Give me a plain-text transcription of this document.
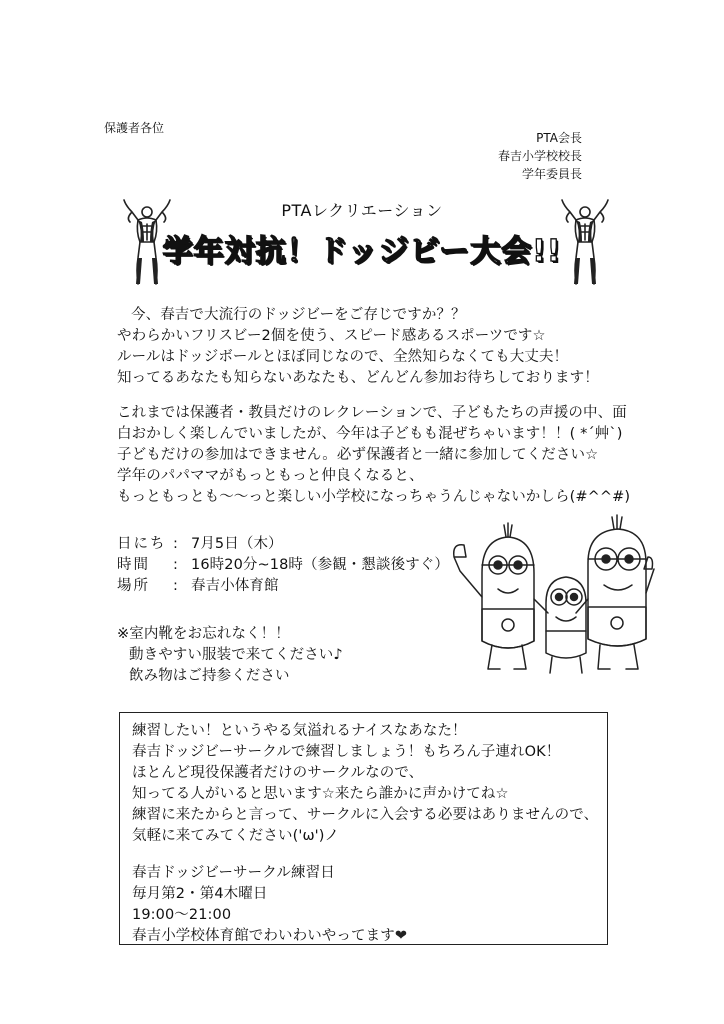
保護者各位
PTA会長
春吉小学校校長
学年委員長
PTAレクリエーション
学年対抗！ドッジビー大会!!
今、春吉で大流行のドッジビーをご存じですか？？
やわらかいフリスビー2個を使う、スピード感あるスポーツです☆
ルールはドッジボールとほぼ同じなので、全然知らなくても大丈夫！
知ってるあなたも知らないあなたも、どんどん参加お待ちしております！
これまでは保護者・教員だけのレクレーションで、子どもたちの声援の中、面
白おかしく楽しんでいましたが、今年は子どもも混ぜちゃいます！！( *´艸`)
子どもだけの参加はできません。必ず保護者と一緒に参加してください☆
学年のパパママがもっともっと仲良くなると、
もっともっとも～～っと楽しい小学校になっちゃうんじゃないかしら(#^^#)
日にち : 7月5日（木）
時間	: 16時20分~18時（参観・懇談後すぐ）
場所	: 春吉小体育館
※室内靴をお忘れなく！！
動きやすい服装で来てください♪
飲み物はご持参ください
練習したい！というやる気溢れるナイスなあなた！
春吉ドッジビーサークルで練習しましょう！もちろん子連れOK！
ほとんど現役保護者だけのサークルなので、
知ってる人がいると思います☆来たら誰かに声かけてね☆
練習に来たからと言って、サークルに入会する必要はありませんので、
気軽に来てみてください('ω')ノ
春吉ドッジビーサークル練習日
毎月第2・第4木曜日
19:00～21:00
春吉小学校体育館でわいわいやってます❤
